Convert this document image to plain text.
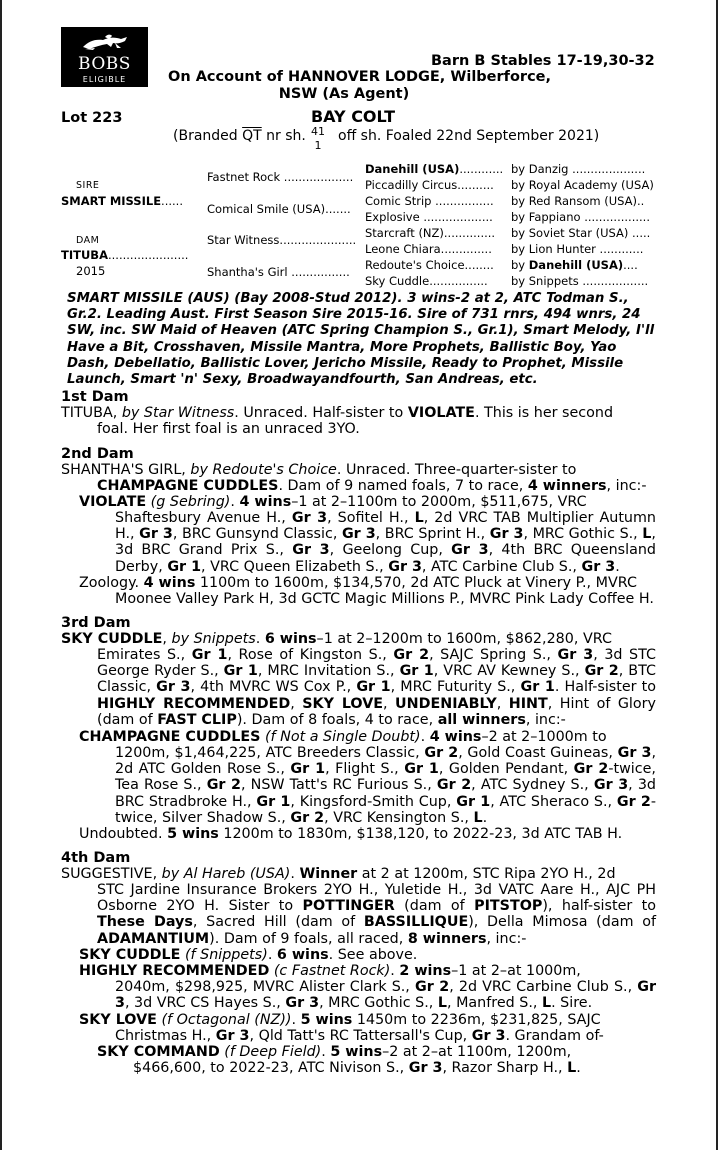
BOBS
ELIGIBLE
Barn B Stables 17-19,30-32
On Account of HANNOVER LODGE, Wilberforce,
NSW (As Agent)
Lot 223	BAY COLT
(Branded $\overline{QT}$ nr sh. 41
1
off sh. Foaled 22nd September 2021)
SIRE
SMART MISSILE......
DAM
TITUBA......................
2015
Fastnet Rock ...................
Comical Smile (USA).......
Star Witness.....................
Shantha's Girl ................
Danehill (USA)............ by Danzig ....................
Piccadilly Circus.......... by Royal Academy (USA)
Comic Strip ................ by Red Ransom (USA)..
Explosive ................... by Fappiano ..................
Starcraft (NZ).............. by Soviet Star (USA) .....
Leone Chiara.............. by Lion Hunter ............
Redoute's Choice........ by Danehill (USA)....
Sky Cuddle................ by Snippets ..................
SMART MISSILE (AUS) (Bay 2008-Stud 2012). 3 wins-2 at 2, ATC Todman S., Gr.2. Leading Aust. First Season Sire 2015-16. Sire of 731 rnrs, 494 wnrs, 24 SW, inc. SW Maid of Heaven (ATC Spring Champion S., Gr.1), Smart Melody, I'll Have a Bit, Crosshaven, Missile Mantra, More Prophets, Ballistic Boy, Yao Dash, Debellatio, Ballistic Lover, Jericho Missile, Ready to Prophet, Missile Launch, Smart 'n' Sexy, Broadwayandfourth, San Andreas, etc.
1st Dam
TITUBA, by Star Witness. Unraced. Half-sister to VIOLATE. This is her second
foal. Her first foal is an unraced 3YO.
2nd Dam
SHANTHA'S GIRL, by Redoute's Choice. Unraced. Three-quarter-sister to
CHAMPAGNE CUDDLES. Dam of 9 named foals, 7 to race, 4 winners, inc:-
VIOLATE (g Sebring). 4 wins–1 at 2–1100m to 2000m, $511,675, VRC
Shaftesbury Avenue H., Gr 3, Sofitel H., L, 2d VRC TAB Multiplier Autumn H., Gr 3, BRC Gunsynd Classic, Gr 3, BRC Sprint H., Gr 3, MRC Gothic S., L, 3d BRC Grand Prix S., Gr 3, Geelong Cup, Gr 3, 4th BRC Queensland Derby, Gr 1, VRC Queen Elizabeth S., Gr 3, ATC Carbine Club S., Gr 3.
Zoology. 4 wins 1100m to 1600m, $134,570, 2d ATC Pluck at Vinery P., MVRC
Moonee Valley Park H, 3d GCTC Magic Millions P., MVRC Pink Lady Coffee H.
3rd Dam
SKY CUDDLE, by Snippets. 6 wins–1 at 2–1200m to 1600m, $862,280, VRC
Emirates S., Gr 1, Rose of Kingston S., Gr 2, SAJC Spring S., Gr 3, 3d STC George Ryder S., Gr 1, MRC Invitation S., Gr 1, VRC AV Kewney S., Gr 2, BTC Classic, Gr 3, 4th MVRC WS Cox P., Gr 1, MRC Futurity S., Gr 1. Half-sister to HIGHLY RECOMMENDED, SKY LOVE, UNDENIABLY, HINT, Hint of Glory (dam of FAST CLIP). Dam of 8 foals, 4 to race, all winners, inc:-
CHAMPAGNE CUDDLES (f Not a Single Doubt). 4 wins–2 at 2–1000m to
1200m, $1,464,225, ATC Breeders Classic, Gr 2, Gold Coast Guineas, Gr 3, 2d ATC Golden Rose S., Gr 1, Flight S., Gr 1, Golden Pendant, Gr 2-twice, Tea Rose S., Gr 2, NSW Tatt's RC Furious S., Gr 2, ATC Sydney S., Gr 3, 3d BRC Stradbroke H., Gr 1, Kingsford-Smith Cup, Gr 1, ATC Sheraco S., Gr 2-twice, Silver Shadow S., Gr 2, VRC Kensington S., L.
Undoubted. 5 wins 1200m to 1830m, $138,120, to 2022-23, 3d ATC TAB H.
4th Dam
SUGGESTIVE, by Al Hareb (USA). Winner at 2 at 1200m, STC Ripa 2YO H., 2d
STC Jardine Insurance Brokers 2YO H., Yuletide H., 3d VATC Aare H., AJC PH Osborne 2YO H. Sister to POTTINGER (dam of PITSTOP), half-sister to These Days, Sacred Hill (dam of BASSILLIQUE), Della Mimosa (dam of ADAMANTIUM). Dam of 9 foals, all raced, 8 winners, inc:-
SKY CUDDLE (f Snippets). 6 wins. See above.
HIGHLY RECOMMENDED (c Fastnet Rock). 2 wins–1 at 2–at 1000m,
2040m, $298,925, MVRC Alister Clark S., Gr 2, 2d VRC Carbine Club S., Gr 3, 3d VRC CS Hayes S., Gr 3, MRC Gothic S., L, Manfred S., L. Sire.
SKY LOVE (f Octagonal (NZ)). 5 wins 1450m to 2236m, $231,825, SAJC
Christmas H., Gr 3, Qld Tatt's RC Tattersall's Cup, Gr 3. Grandam of-
SKY COMMAND (f Deep Field). 5 wins–2 at 2–at 1100m, 1200m,
$466,600, to 2022-23, ATC Nivison S., Gr 3, Razor Sharp H., L.
